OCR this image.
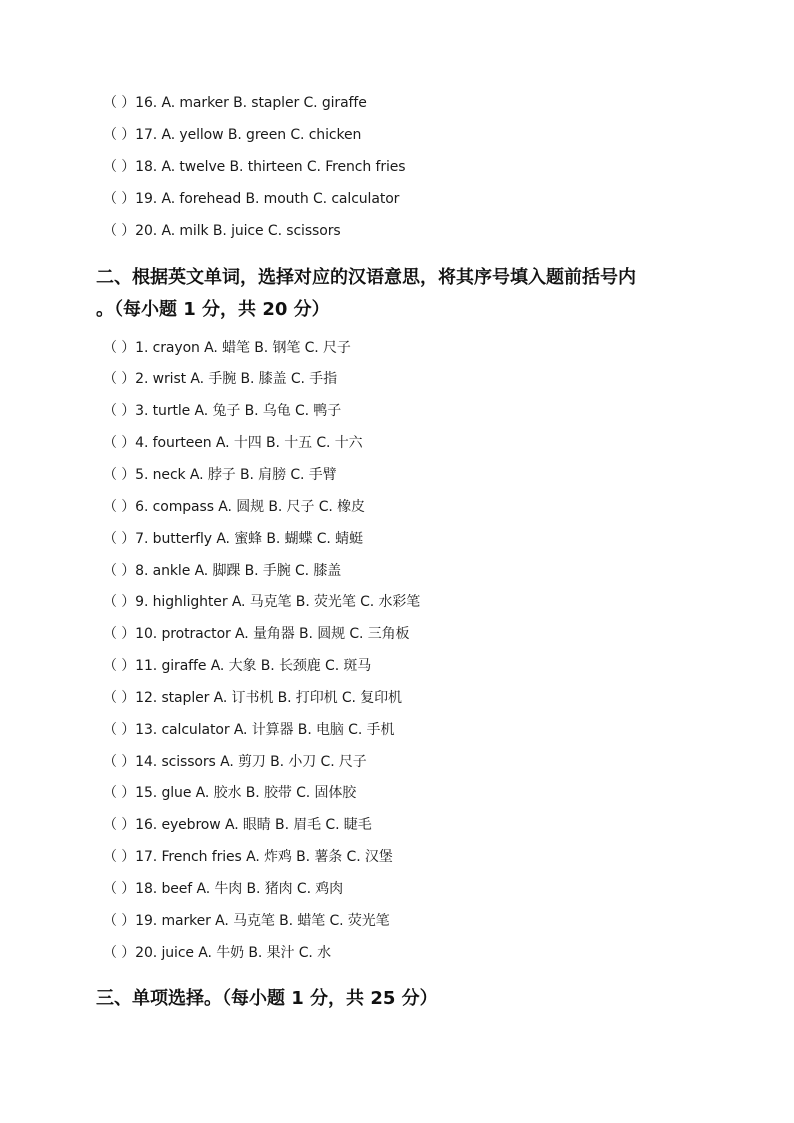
（ ）16. A. marker B. stapler C. giraffe
（ ）17. A. yellow B. green C. chicken
（ ）18. A. twelve B. thirteen C. French fries
（ ）19. A. forehead B. mouth C. calculator
（ ）20. A. milk B. juice C. scissors
二、根据英文单词，选择对应的汉语意思，将其序号填入题前括号内
。（每小题 1 分，共 20 分）
（ ）1. crayon A. 蜡笔 B. 钢笔 C. 尺子
（ ）2. wrist A. 手腕 B. 膝盖 C. 手指
（ ）3. turtle A. 兔子 B. 乌龟 C. 鸭子
（ ）4. fourteen A. 十四 B. 十五 C. 十六
（ ）5. neck A. 脖子 B. 肩膀 C. 手臂
（ ）6. compass A. 圆规 B. 尺子 C. 橡皮
（ ）7. butterfly A. 蜜蜂 B. 蝴蝶 C. 蜻蜓
（ ）8. ankle A. 脚踝 B. 手腕 C. 膝盖
（ ）9. highlighter A. 马克笔 B. 荧光笔 C. 水彩笔
（ ）10. protractor A. 量角器 B. 圆规 C. 三角板
（ ）11. giraffe A. 大象 B. 长颈鹿 C. 斑马
（ ）12. stapler A. 订书机 B. 打印机 C. 复印机
（ ）13. calculator A. 计算器 B. 电脑 C. 手机
（ ）14. scissors A. 剪刀 B. 小刀 C. 尺子
（ ）15. glue A. 胶水 B. 胶带 C. 固体胶
（ ）16. eyebrow A. 眼睛 B. 眉毛 C. 睫毛
（ ）17. French fries A. 炸鸡 B. 薯条 C. 汉堡
（ ）18. beef A. 牛肉 B. 猪肉 C. 鸡肉
（ ）19. marker A. 马克笔 B. 蜡笔 C. 荧光笔
（ ）20. juice A. 牛奶 B. 果汁 C. 水
三、单项选择。（每小题 1 分，共 25 分）
